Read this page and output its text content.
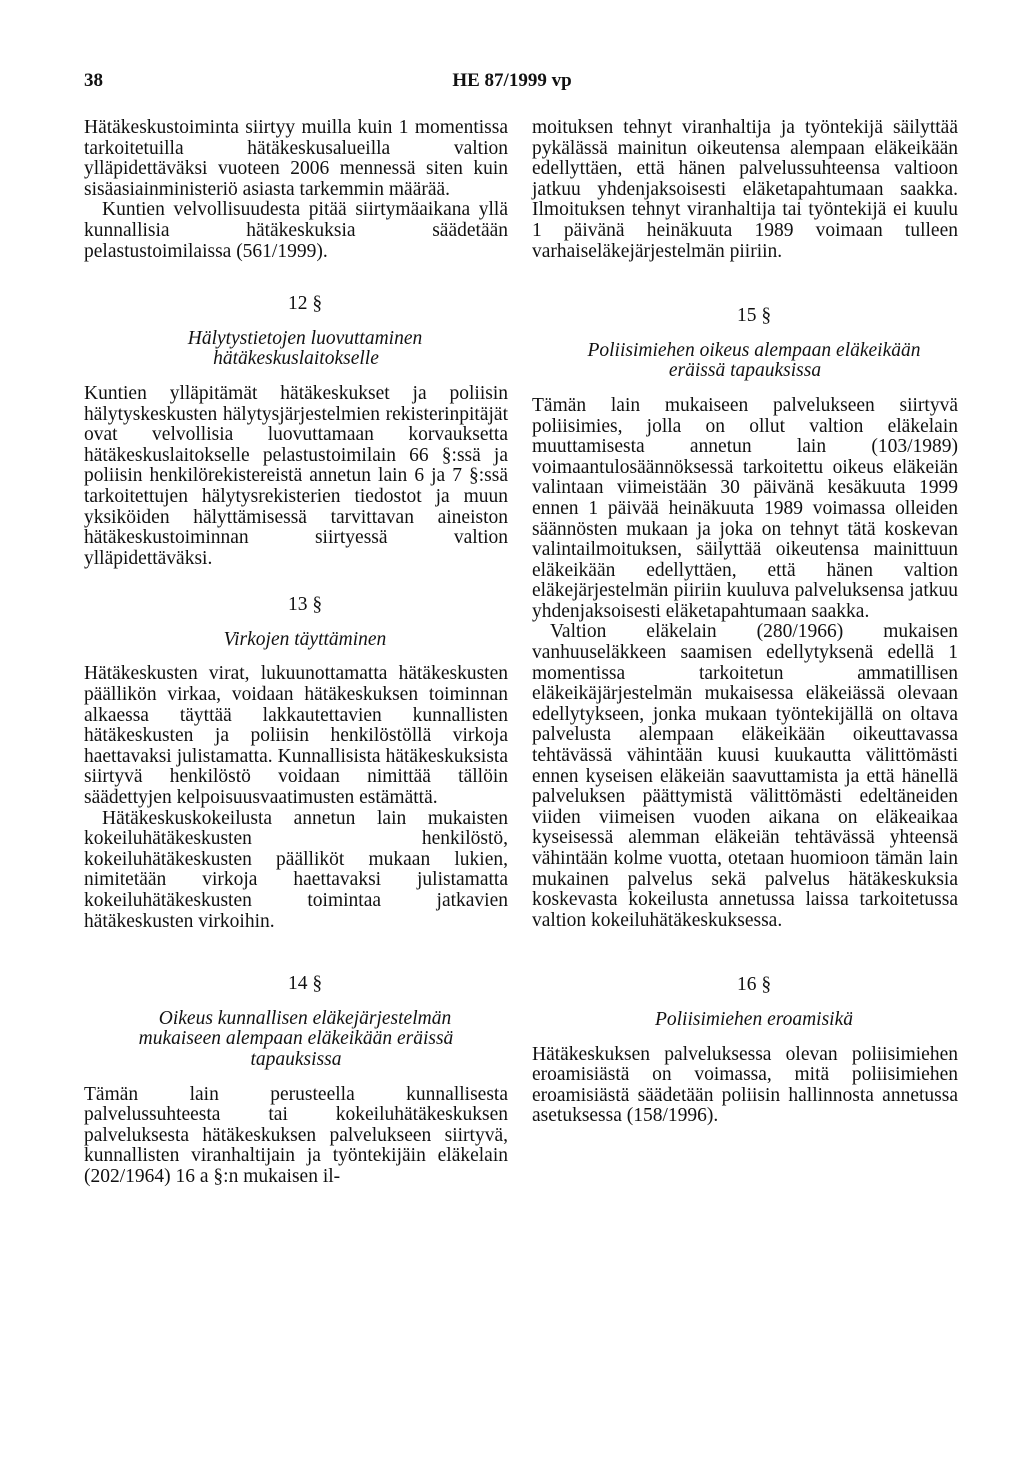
38	HE 87/1999 vp

Hätäkeskustoiminta siirtyy muilla kuin 1 momentissa tarkoitetuilla hätäkeskusalueilla valtion ylläpidettäväksi vuoteen 2006 mennessä siten kuin sisäasiainministeriö asiasta tarkemmin määrää.

Kuntien velvollisuudesta pitää siirtymäaikana yllä kunnallisia hätäkeskuksia säädetään pelastustoimilaissa (561/1999).

12 §

Hälytystietojen luovuttaminen hätäkeskuslaitokselle

Kuntien ylläpitämät hätäkeskukset ja poliisin hälytyskeskusten hälytysjärjestelmien rekisterinpitäjät ovat velvollisia luovuttamaan korvauksetta hätäkeskuslaitokselle pelastustoimilain 66 §:ssä ja poliisin henkilörekistereistä annetun lain 6 ja 7 §:ssä tarkoitettujen hälytysrekisterien tiedostot ja muun yksiköiden hälyttämisessä tarvittavan aineiston hätäkeskustoiminnan siirtyessä valtion ylläpidettäväksi.

13 §

Virkojen täyttäminen

Hätäkeskusten virat, lukuunottamatta hätäkeskusten päällikön virkaa, voidaan hätäkeskuksen toiminnan alkaessa täyttää lakkautettavien kunnallisten hätäkeskusten ja poliisin henkilöstöllä virkoja haettavaksi julistamatta. Kunnallisista hätäkeskuksista siirtyvä henkilöstö voidaan nimittää tällöin säädettyjen kelpoisuusvaatimusten estämättä.

Hätäkeskuskokeilusta annetun lain mukaisten kokeiluhätäkeskusten henkilöstö, kokeiluhätäkeskusten päälliköt mukaan lukien, nimitetään virkoja haettavaksi julistamatta kokeiluhätäkeskusten toimintaa jatkavien hätäkeskusten virkoihin.

14 §

Oikeus kunnallisen eläkejärjestelmän mukaiseen alempaan eläkeikään eräissä tapauksissa

Tämän lain perusteella kunnallisesta palvelussuhteesta tai kokeiluhätäkeskuksen palveluksesta hätäkeskuksen palvelukseen siirtyvä, kunnallisten viranhaltijain ja työntekijäin eläkelain (202/1964) 16 a §:n mukaisen il-

moituksen tehnyt viranhaltija ja työntekijä säilyttää pykälässä mainitun oikeutensa alempaan eläkeikään edellyttäen, että hänen palvelussuhteensa valtioon jatkuu yhdenjaksoisesti eläketapahtumaan saakka. Ilmoituksen tehnyt viranhaltija tai työntekijä ei kuulu 1 päivänä heinäkuuta 1989 voimaan tulleen varhaiseläkejärjestelmän piiriin.

15 §

Poliisimiehen oikeus alempaan eläkeikään eräissä tapauksissa

Tämän lain mukaiseen palvelukseen siirtyvä poliisimies, jolla on ollut valtion eläkelain muuttamisesta annetun lain (103/1989) voimaantulosäännöksessä tarkoitettu oikeus eläkeiän valintaan viimeistään 30 päivänä kesäkuuta 1999 ennen 1 päivää heinäkuuta 1989 voimassa olleiden säännösten mukaan ja joka on tehnyt tätä koskevan valintailmoituksen, säilyttää oikeutensa mainittuun eläkeikään edellyttäen, että hänen valtion eläkejärjestelmän piiriin kuuluva palveluksensa jatkuu yhdenjaksoisesti eläketapahtumaan saakka.

Valtion eläkelain (280/1966) mukaisen vanhuuseläkkeen saamisen edellytyksenä edellä 1 momentissa tarkoitetun ammatillisen eläkeikäjärjestelmän mukaisessa eläkeiässä olevaan edellytykseen, jonka mukaan työntekijällä on oltava palvelusta alempaan eläkeikään oikeuttavassa tehtävässä vähintään kuusi kuukautta välittömästi ennen kyseisen eläkeiän saavuttamista ja että hänellä palveluksen päättymistä välittömästi edeltäneiden viiden viimeisen vuoden aikana on eläkeaikaa kyseisessä alemman eläkeiän tehtävässä yhteensä vähintään kolme vuotta, otetaan huomioon tämän lain mukainen palvelus sekä palvelus hätäkeskuksia koskevasta kokeilusta annetussa laissa tarkoitetussa valtion kokeiluhätäkeskuksessa.

16 §

Poliisimiehen eroamisikä

Hätäkeskuksen palveluksessa olevan poliisimiehen eroamisiästä on voimassa, mitä poliisimiehen eroamisiästä säädetään poliisin hallinnosta annetussa asetuksessa (158/1996).
